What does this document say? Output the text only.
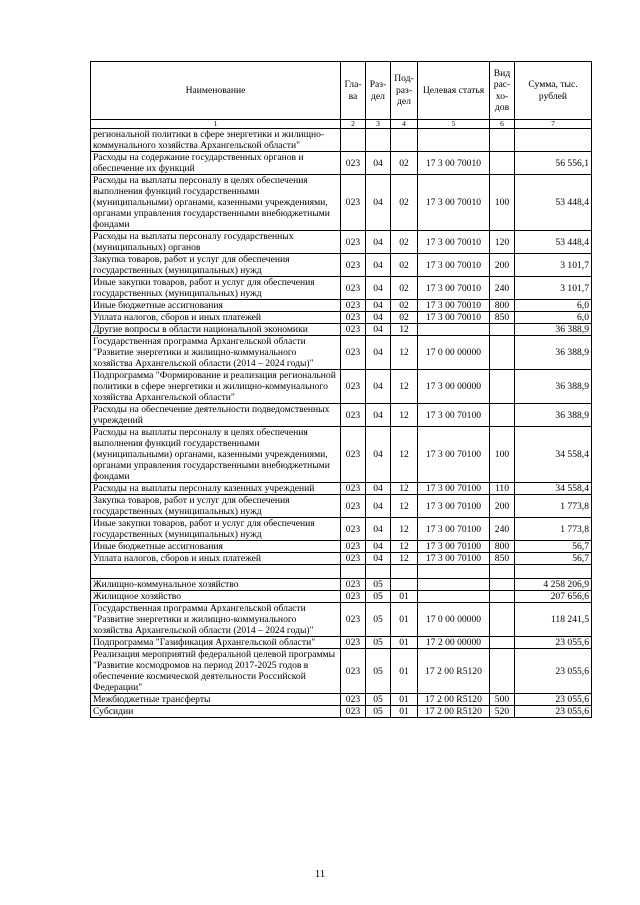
Наименование	Гла-ва	Раз-дел	Под-раз-дел	Целевая статья	Вид рас-хо-дов	Сумма, тыс. рублей
1	2	3	4	5	6	7
региональной политики в сфере энергетики и жилищно-коммунального хозяйства Архангельской области"						
Расходы на содержание государственных органов и обеспечение их функций	023	04	02	17 3 00 70010		56 556,1
Расходы на выплаты персоналу в целях обеспечения выполнения функций государственными (муниципальными) органами, казенными учреждениями, органами управления государственными внебюджетными фондами	023	04	02	17 3 00 70010	100	53 448,4
Расходы на выплаты персоналу государственных (муниципальных) органов	023	04	02	17 3 00 70010	120	53 448,4
Закупка товаров, работ и услуг для обеспечения государственных (муниципальных) нужд	023	04	02	17 3 00 70010	200	3 101,7
Иные закупки товаров, работ и услуг для обеспечения государственных (муниципальных) нужд	023	04	02	17 3 00 70010	240	3 101,7
Иные бюджетные ассигнования	023	04	02	17 3 00 70010	800	6,0
Уплата налогов, сборов и иных платежей	023	04	02	17 3 00 70010	850	6,0
Другие вопросы в области национальной экономики	023	04	12			36 388,9
Государственная программа Архангельской области "Развитие энергетики и жилищно-коммунального хозяйства Архангельской области (2014 – 2024 годы)"	023	04	12	17 0 00 00000		36 388,9
Подпрограмма "Формирование и реализация региональной политики в сфере энергетики и жилищно-коммунального хозяйства Архангельской области"	023	04	12	17 3 00 00000		36 388,9
Расходы на обеспечение деятельности подведомственных учреждений	023	04	12	17 3 00 70100		36 388,9
Расходы на выплаты персоналу в целях обеспечения выполнения функций государственными (муниципальными) органами, казенными учреждениями, органами управления государственными внебюджетными фондами	023	04	12	17 3 00 70100	100	34 558,4
Расходы на выплаты персоналу казенных учреждений	023	04	12	17 3 00 70100	110	34 558,4
Закупка товаров, работ и услуг для обеспечения государственных (муниципальных) нужд	023	04	12	17 3 00 70100	200	1 773,8
Иные закупки товаров, работ и услуг для обеспечения государственных (муниципальных) нужд	023	04	12	17 3 00 70100	240	1 773,8
Иные бюджетные ассигнования	023	04	12	17 3 00 70100	800	56,7
Уплата налогов, сборов и иных платежей	023	04	12	17 3 00 70100	850	56,7

Жилищно-коммунальное хозяйство	023	05				4 258 206,9
Жилищное хозяйство	023	05	01			207 656,6
Государственная программа Архангельской области "Развитие энергетики и жилищно-коммунального хозяйства Архангельской области (2014 – 2024 годы)"	023	05	01	17 0 00 00000		118 241,5
Подпрограмма "Газификация Архангельской области"	023	05	01	17 2 00 00000		23 055,6
Реализация мероприятий федеральной целевой программы "Развитие космодромов на период 2017-2025 годов в обеспечение космической деятельности Российской Федерации"	023	05	01	17 2 00 R5120		23 055,6
Межбюджетные трансферты	023	05	01	17 2 00 R5120	500	23 055,6
Субсидии	023	05	01	17 2 00 R5120	520	23 055,6
11
